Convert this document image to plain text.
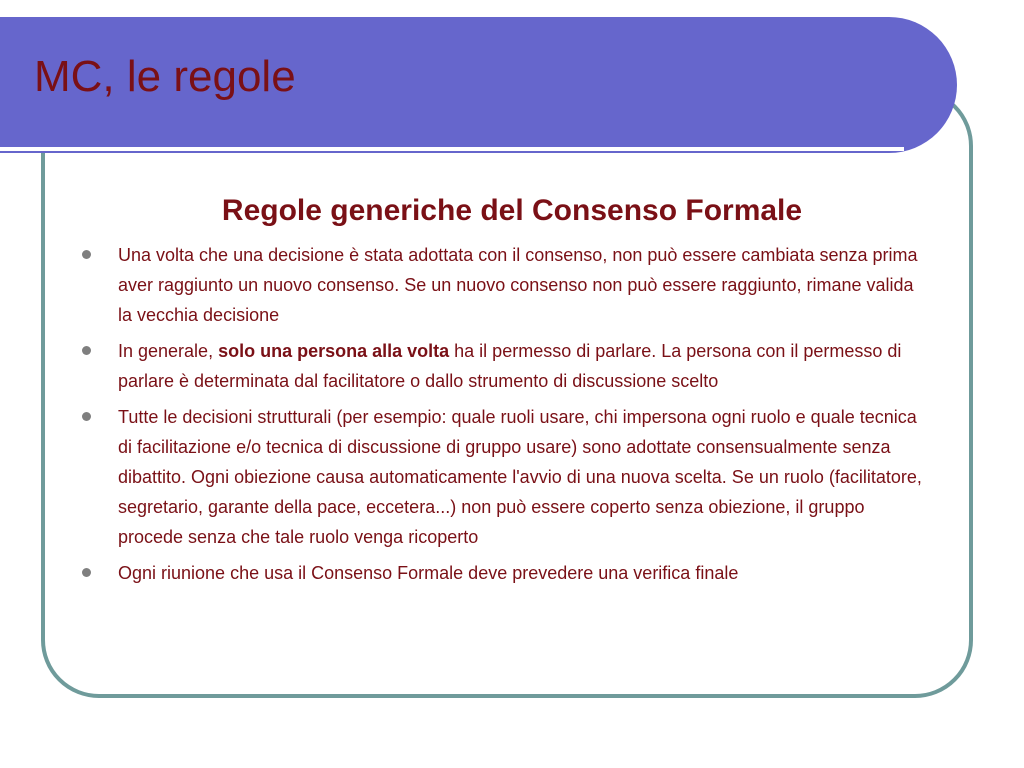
MC, le regole
Regole generiche del Consenso Formale
Una volta che una decisione è stata adottata con il consenso, non può essere cambiata senza prima aver raggiunto un nuovo consenso. Se un nuovo consenso non può essere raggiunto, rimane valida la vecchia decisione
In generale, solo una persona alla volta ha il permesso di parlare. La persona con il permesso di parlare è determinata dal facilitatore o dallo strumento di discussione scelto
Tutte le decisioni strutturali (per esempio: quale ruoli usare, chi impersona ogni ruolo e quale tecnica di facilitazione e/o tecnica di discussione di gruppo usare) sono adottate consensualmente senza dibattito. Ogni obiezione causa automaticamente l'avvio di una nuova scelta. Se un ruolo (facilitatore, segretario, garante della pace, eccetera...) non può essere coperto senza obiezione, il gruppo procede senza che tale ruolo venga ricoperto
Ogni riunione che usa il Consenso Formale deve prevedere una verifica finale
